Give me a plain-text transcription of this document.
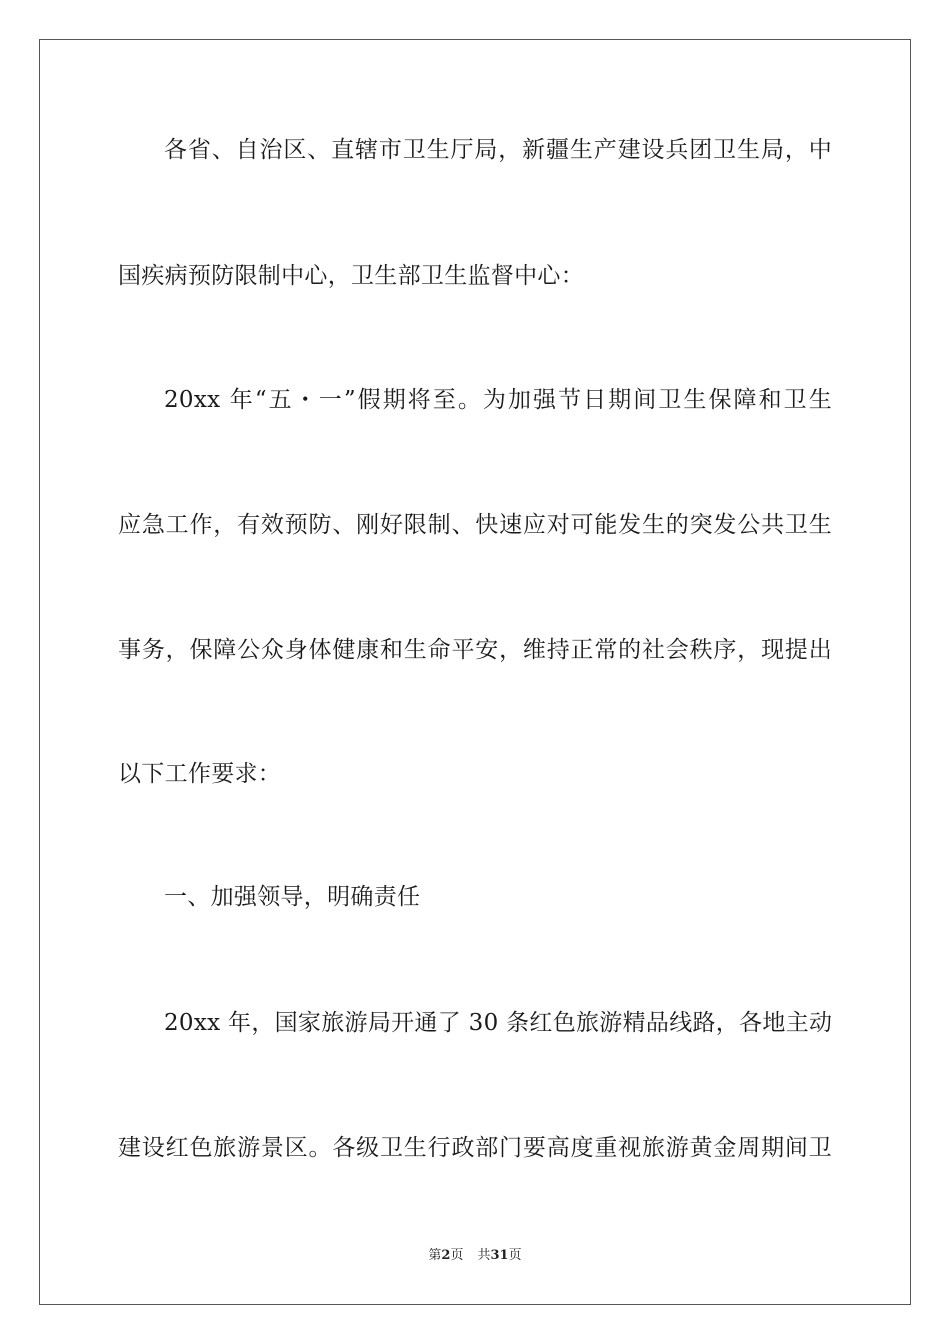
各省、自治区、直辖市卫生厅局，新疆生产建设兵团卫生局，中
国疾病预防限制中心，卫生部卫生监督中心：
20xx 年“五・一”假期将至。为加强节日期间卫生保障和卫生
应急工作，有效预防、刚好限制、快速应对可能发生的突发公共卫生
事务，保障公众身体健康和生命平安，维持正常的社会秩序，现提出
以下工作要求：
一、加强领导，明确责任
20xx 年，国家旅游局开通了 30 条红色旅游精品线路，各地主动
建设红色旅游景区。各级卫生行政部门要高度重视旅游黄金周期间卫
第2页 共31页
